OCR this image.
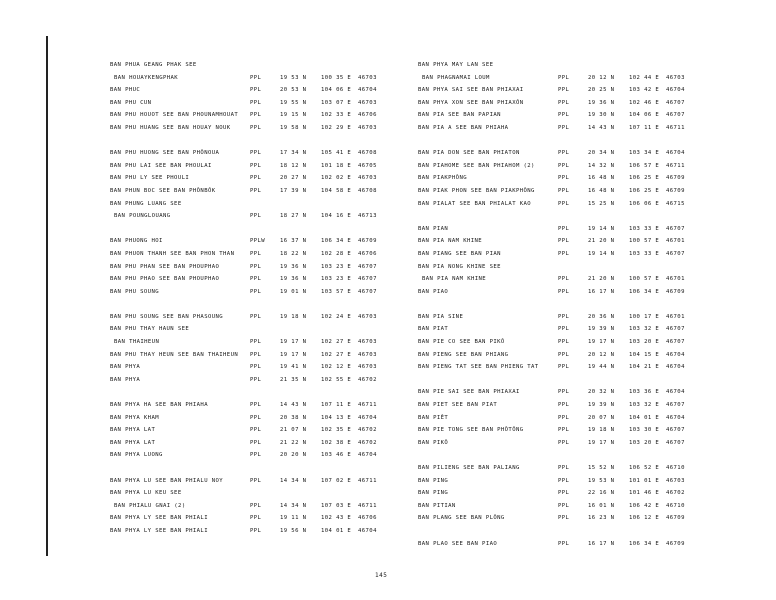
BAN PHUA GEANG PHAK SEE
BAN HOUAYKENGPHAK	PPL	19 53 N	100 35 E 46703
BAN PHUC	PPL	20 53 N	104 06 E 46704
BAN PHU CUN	PPL	19 55 N	103 07 E 46703
BAN PHU HOUOT SEE BAN PHOUNAMHOUAT PPL	19 15 N	102 33 E 46706
BAN PHU HUANG SEE BAN HOUAY NOUK	PPL	19 58 N	102 29 E 46703
BAN PHU HUONG SEE BAN PHÔNOUA	PPL	17 34 N	105 41 E 46708
BAN PHU LAI SEE BAN PHOULAI	PPL	18 12 N	101 18 E 46705
BAN PHU LY SEE PHOULI	PPL	20 27 N	102 02 E 46703
BAN PHUN BOC SEE BAN PHÔNBÔK	PPL	17 39 N	104 58 E 46708
BAN PHUNG LUANG SEE
BAN POUNGLOUANG	PPL	18 27 N	104 16 E 46713
BAN PHUONG HOI	PPLW	16 37 N	106 34 E 46709
BAN PHUON THANH SEE BAN PHON THAN	PPL	18 22 N	102 28 E 46706
BAN PHU PHAN SEE BAN PHOUPHAO	PPL	19 36 N	103 23 E 46707
BAN PHU PHAO SEE BAN PHOUPHAO	PPL	19 36 N	103 23 E 46707
BAN PHU SOUNG	PPL	19 01 N	103 57 E 46707
BAN PHU SOUNG SEE BAN PHASOUNG	PPL	19 18 N	102 24 E 46703
BAN PHU THAY HAUN SEE
BAN THAIHEUN	PPL	19 17 N	102 27 E 46703
BAN PHU THAY HEUN SEE BAN THAIHEUN PPL	19 17 N	102 27 E 46703
BAN PHYA	PPL	19 41 N	102 12 E 46703
BAN PHYA	PPL	21 35 N	102 55 E 46702
BAN PHYA HA SEE BAN PHIAHA	PPL	14 43 N	107 11 E 46711
BAN PHYA KHAM	PPL	20 38 N	104 13 E 46704
BAN PHYA LAT	PPL	21 07 N	102 35 E 46702
BAN PHYA LAT	PPL	21 22 N	102 38 E 46702
BAN PHYA LUONG	PPL	20 20 N	103 46 E 46704
BAN PHYA LU SEE BAN PHIALU NOY	PPL	14 34 N	107 02 E 46711
BAN PHYA LU KEU SEE
BAN PHIALU GNAI (2)	PPL	14 34 N	107 03 E 46711
BAN PHYA LY SEE BAN PHIALI	PPL	19 11 N	102 43 E 46706
BAN PHYA LY SEE BAN PHIALI	PPL	19 56 N	104 01 E 46704
BAN PHYA MAY LAN SEE
BAN PHAGNAMAI LOUM	PPL	20 12 N	102 44 E 46703
BAN PHYA SAI SEE BAN PHIAXAI	PPL	20 25 N	103 42 E 46704
BAN PHYA XON SEE BAN PHIAXÔN	PPL	19 36 N	102 46 E 46707
BAN PIA SEE BAN PAPIAN	PPL	19 30 N	104 06 E 46707
BAN PIA A SEE BAN PHIAHA	PPL	14 43 N	107 11 E 46711
BAN PIA DON SEE BAN PHIATON	PPL	20 34 N	103 34 E 46704
BAN PIAHOME SEE BAN PHIAHOM (2)	PPL	14 32 N	106 57 E 46711
BAN PIAKPHÔNG	PPL	16 48 N	106 25 E 46709
BAN PIAK PHON SEE BAN PIAKPHÔNG	PPL	16 48 N	106 25 E 46709
BAN PIALAT SEE BAN PHIALAT KAO	PPL	15 25 N	106 06 E 46715
BAN PIAN	PPL	19 14 N	103 33 E 46707
BAN PIA NAM KHINE	PPL	21 20 N	100 57 E 46701
BAN PIANG SEE BAN PIAN	PPL	19 14 N	103 33 E 46707
BAN PIA NONG KHINE SEE
BAN PIA NAM KHINE	PPL	21 20 N	100 57 E 46701
BAN PIAO	PPL	16 17 N	106 34 E 46709
BAN PIA SINE	PPL	20 36 N	100 17 E 46701
BAN PIAT	PPL	19 39 N	103 32 E 46707
BAN PIE CO SEE BAN PIKÔ	PPL	19 17 N	103 20 E 46707
BAN PIENG SEE BAN PHIANG	PPL	20 12 N	104 15 E 46704
BAN PIENG TAT SEE BAN PHIENG TAT	PPL	19 44 N	104 21 E 46704
BAN PIE SAI SEE BAN PHIAXAI	PPL	20 32 N	103 36 E 46704
BAN PIET SEE BAN PIAT	PPL	19 39 N	103 32 E 46707
BAN PIÊT	PPL	20 07 N	104 01 E 46704
BAN PIE TONG SEE BAN PHÔTÔNG	PPL	19 18 N	103 30 E 46707
BAN PIKÔ	PPL	19 17 N	103 20 E 46707
BAN PILIENG SEE BAN PALIANG	PPL	15 52 N	106 52 E 46710
BAN PING	PPL	19 53 N	101 01 E 46703
BAN PING	PPL	22 16 N	101 46 E 46702
BAN PITIAN	PPL	16 01 N	106 42 E 46710
BAN PLANG SEE BAN PLÔNG	PPL	16 23 N	106 12 E 46709
BAN PLAO SEE BAN PIAO	PPL	16 17 N	106 34 E 46709
145
